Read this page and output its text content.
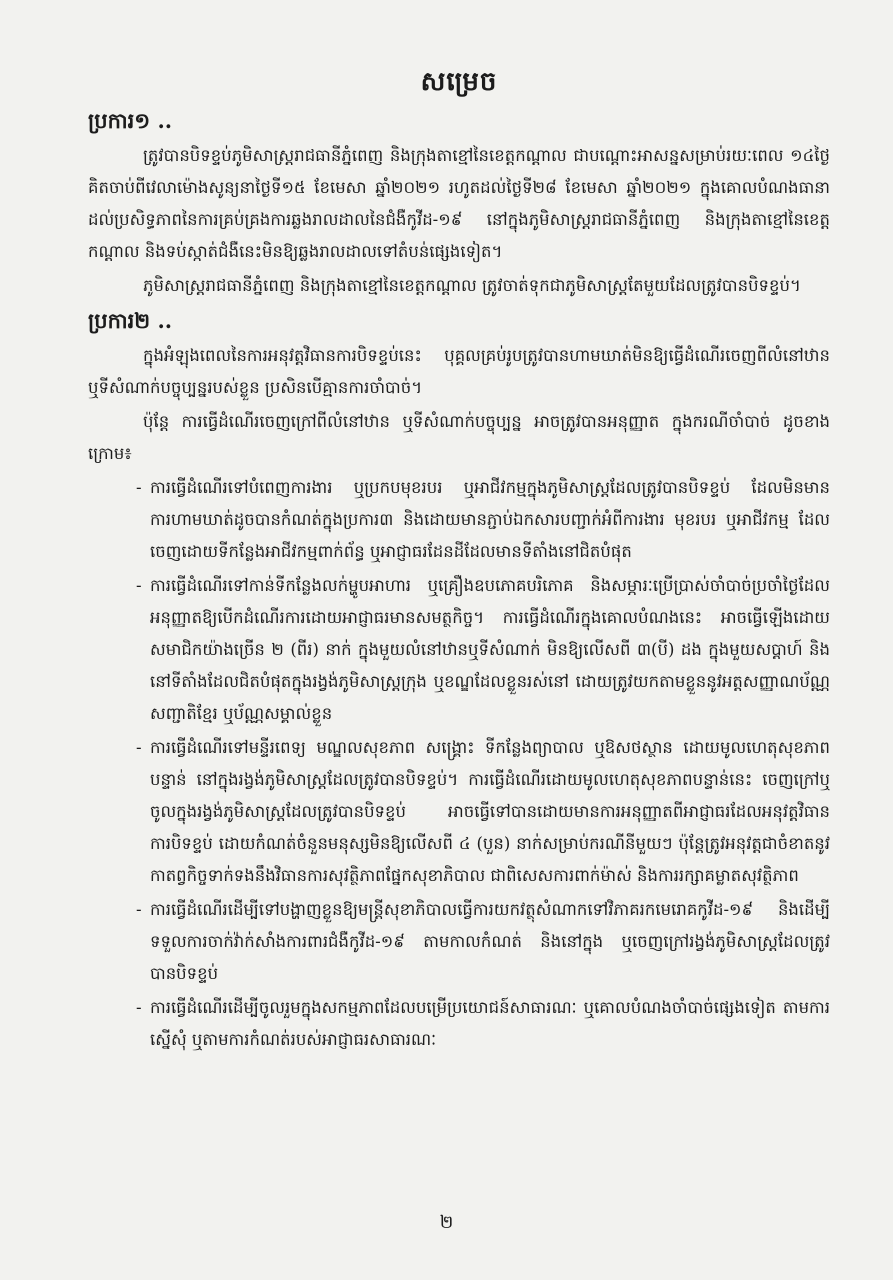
សម្រេច
ប្រការ១ ..

ត្រូវបានបិទខ្ទប់ភូមិសាស្ត្ររាជធានីភ្នំពេញ និងក្រុងតាខ្មៅនៃខេត្តកណ្តាល ជាបណ្ដោះអាសន្នសម្រាប់រយៈពេល ១៤ថ្ងៃ គិតចាប់ពីវេលាម៉ោងសូន្យនាថ្ងៃទី១៥ ខែមេសា ឆ្នាំ២០២១ រហូតដល់ថ្ងៃទី២៨ ខែមេសា ឆ្នាំ២០២១ ក្នុងគោលបំណងធានាដល់ប្រសិទ្ធភាពនៃការគ្រប់គ្រងការឆ្លងរាលដាលនៃជំងឺកូវីដ-១៩ នៅក្នុងភូមិសាស្ត្ររាជធានីភ្នំពេញ និងក្រុងតាខ្មៅនៃខេត្តកណ្តាល និងទប់ស្កាត់ជំងឺនេះមិនឱ្យឆ្លងរាលដាលទៅតំបន់ផ្សេងទៀត។

ភូមិសាស្ត្ររាជធានីភ្នំពេញ និងក្រុងតាខ្មៅនៃខេត្តកណ្តាល ត្រូវចាត់ទុកជាភូមិសាស្ត្រតែមួយដែលត្រូវបានបិទខ្ទប់។

ប្រការ២ ..

ក្នុងអំឡុងពេលនៃការអនុវត្តវិធានការបិទខ្ទប់នេះ បុគ្គលគ្រប់រូបត្រូវបានហាមឃាត់មិនឱ្យធ្វើដំណើរចេញពីលំនៅឋាន ឬទីសំណាក់បច្ចុប្បន្នរបស់ខ្លួន ប្រសិនបើគ្មានការចាំបាច់។

ប៉ុន្តែ ការធ្វើដំណើរចេញក្រៅពីលំនៅឋាន ឬទីសំណាក់បច្ចុប្បន្ន អាចត្រូវបានអនុញ្ញាត ក្នុងករណីចាំបាច់ ដូចខាងក្រោម៖

- ការធ្វើដំណើរទៅបំពេញការងារ ឬប្រកបមុខរបរ ឬអាជីវកម្មក្នុងភូមិសាស្ត្រដែលត្រូវបានបិទខ្ទប់ ដែលមិនមានការហាមឃាត់ដូចបានកំណត់ក្នុងប្រការ៣ និងដោយមានភ្ជាប់ឯកសារបញ្ជាក់អំពីការងារ មុខរបរ ឬអាជីវកម្ម ដែលចេញដោយទីកន្លែងអាជីវកម្មពាក់ព័ន្ធ ឬអាជ្ញាធរដែនដីដែលមានទីតាំងនៅជិតបំផុត
- ការធ្វើដំណើរទៅកាន់ទីកន្លែងលក់ម្ហូបអាហារ ឬគ្រឿងឧបភោគបរិភោគ និងសម្ភារៈប្រើប្រាស់ចាំបាច់ប្រចាំថ្ងៃដែលអនុញ្ញាតឱ្យបើកដំណើរការដោយអាជ្ញាធរមានសមត្ថកិច្ច។ ការធ្វើដំណើរក្នុងគោលបំណងនេះ អាចធ្វើឡើងដោយសមាជិកយ៉ាងច្រើន ២ (ពីរ) នាក់ ក្នុងមួយលំនៅឋានឬទីសំណាក់ មិនឱ្យលើសពី ៣(បី) ដង ក្នុងមួយសប្ដាហ៍ និងនៅទីតាំងដែលជិតបំផុតក្នុងរង្វង់ភូមិសាស្ត្រក្រុង ឬខណ្ឌដែលខ្លួនរស់នៅ ដោយត្រូវយកតាមខ្លួននូវអត្តសញ្ញាណប័ណ្ណសញ្ជាតិខ្មែរ ឬប័ណ្ណសម្គាល់ខ្លួន
- ការធ្វើដំណើរទៅមន្ទីរពេទ្យ មណ្ឌលសុខភាព សង្គ្រោះ ទីកន្លែងព្យាបាល ឬឱសថស្ថាន ដោយមូលហេតុសុខភាពបន្ទាន់ នៅក្នុងរង្វង់ភូមិសាស្ត្រដែលត្រូវបានបិទខ្ទប់។ ការធ្វើដំណើរដោយមូលហេតុសុខភាពបន្ទាន់នេះ ចេញក្រៅឬចូលក្នុងរង្វង់ភូមិសាស្ត្រដែលត្រូវបានបិទខ្ទប់ អាចធ្វើទៅបានដោយមានការអនុញ្ញាតពីអាជ្ញាធរដែលអនុវត្តវិធានការបិទខ្ទប់ ដោយកំណត់ចំនួនមនុស្សមិនឱ្យលើសពី ៤ (បួន) នាក់សម្រាប់ករណីនីមួយៗ ប៉ុន្តែត្រូវអនុវត្តជាចំខាតនូវកាតព្វកិច្ចទាក់ទងនឹងវិធានការសុវត្ថិភាពផ្នែកសុខាភិបាល ជាពិសេសការពាក់ម៉ាស់ និងការរក្សាគម្លាតសុវត្ថិភាព
- ការធ្វើដំណើរដើម្បីទៅបង្ហាញខ្លួនឱ្យមន្ត្រីសុខាភិបាលធ្វើការយកវត្ថុសំណាកទៅវិភាគរកមេរោគកូវីដ-១៩ និងដើម្បីទទួលការចាក់វ៉ាក់សាំងការពារជំងឺកូវីដ-១៩ តាមកាលកំណត់ និងនៅក្នុង ឬចេញក្រៅរង្វង់ភូមិសាស្ត្រដែលត្រូវបានបិទខ្ទប់
- ការធ្វើដំណើរដើម្បីចូលរួមក្នុងសកម្មភាពដែលបម្រើប្រយោជន៍សាធារណៈ ឬគោលបំណងចាំបាច់ផ្សេងទៀត តាមការស្នើសុំ ឬតាមការកំណត់របស់អាជ្ញាធរសាធារណៈ
២
